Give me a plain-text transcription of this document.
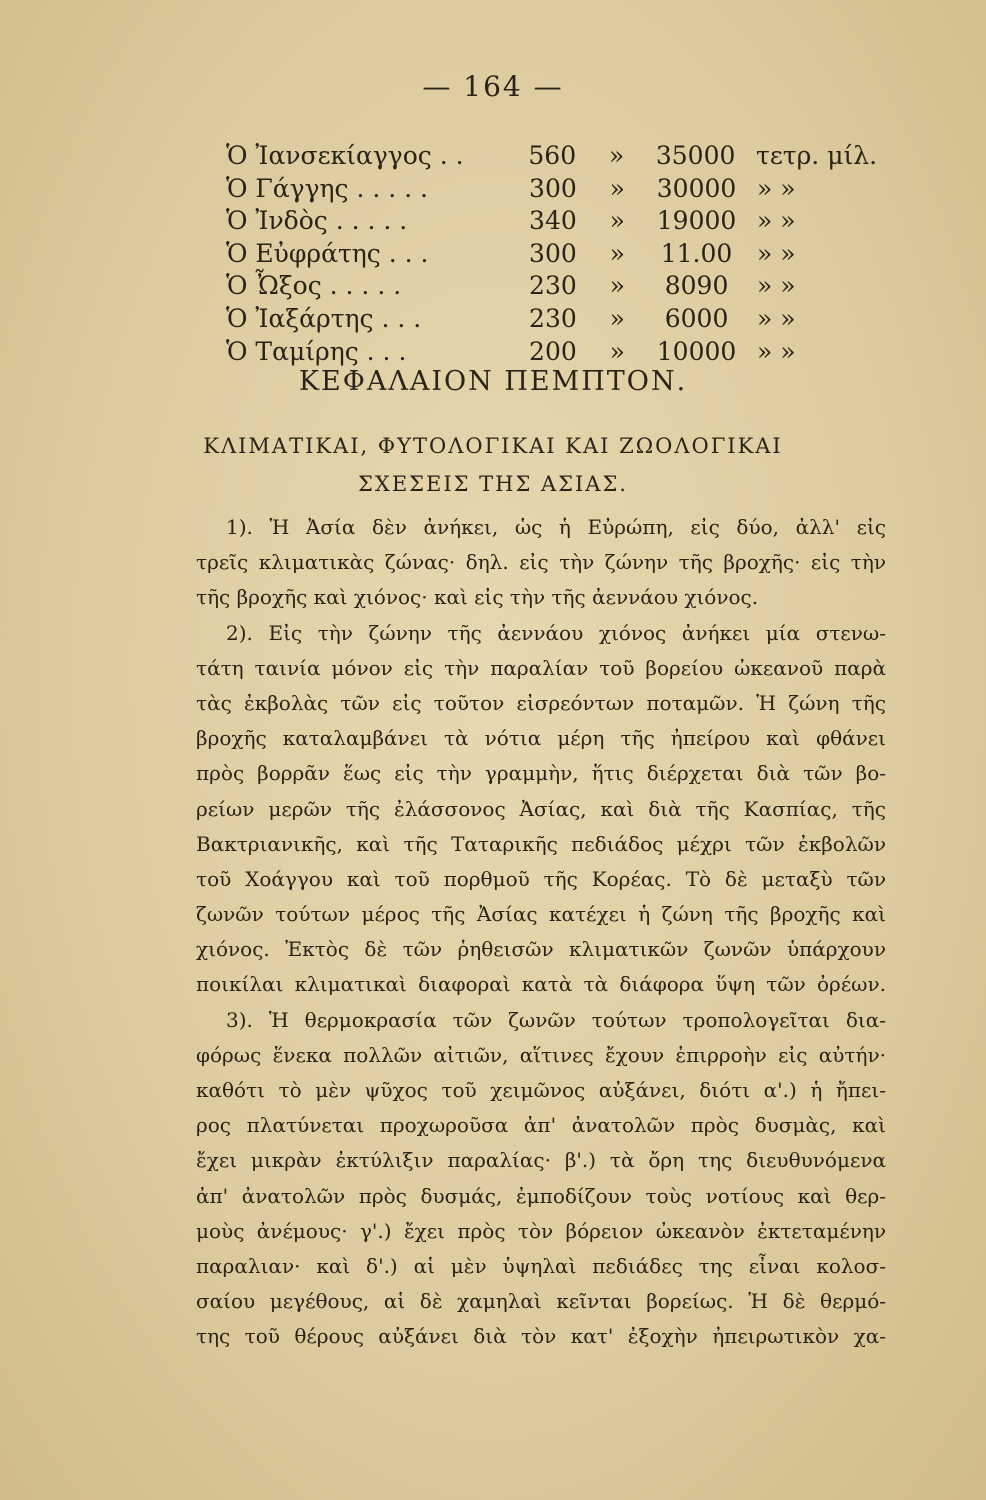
— 164 —
Ὁ Ἰανσεκίαγγος . .	560	»	35000 τετρ. μίλ.
Ὁ Γάγγης . . . . .	300	»	30000 » »
Ὁ Ἰνδὸς . . . . .	340	»	19000 » »
Ὁ Εὐφράτης . . .	300	»	11.00 » »
Ὁ Ὦξος . . . . .	230	»	8090	» »
Ὁ Ἰαξάρτης . . .	230	»	6000	» »
Ὁ Ταμίρης . . .	200	»	10000 » »
ΚΕΦΑΛΑΙΟΝ ΠΕΜΠΤΟΝ.
ΚΛΙΜΑΤΙΚΑΙ, ΦΥΤΟΛΟΓΙΚΑΙ ΚΑΙ ΖΩΟΛΟΓΙΚΑΙ
ΣΧΕΣΕΙΣ ΤΗΣ ΑΣΙΑΣ.
1). Ἡ Ἀσία δὲν ἀνήκει, ὡς ἡ Εὐρώπη, εἰς δύο, ἀλλ' εἰς
τρεῖς κλιματικὰς ζώνας· δηλ. εἰς τὴν ζώνην τῆς βροχῆς· εἰς τὴν
τῆς βροχῆς καὶ χιόνος· καὶ εἰς τὴν τῆς ἀεννάου χιόνος.
2). Εἰς τὴν ζώνην τῆς ἀεννάου χιόνος ἀνήκει μία στενω-
τάτη ταινία μόνον εἰς τὴν παραλίαν τοῦ βορείου ὠκεανοῦ παρὰ
τὰς ἐκβολὰς τῶν εἰς τοῦτον εἰσρεόντων ποταμῶν. Ἡ ζώνη τῆς
βροχῆς καταλαμβάνει τὰ νότια μέρη τῆς ἠπείρου καὶ φθάνει
πρὸς βορρᾶν ἕως εἰς τὴν γραμμὴν, ἥτις διέρχεται διὰ τῶν βο-
ρείων μερῶν τῆς ἐλάσσονος Ἀσίας, καὶ διὰ τῆς Κασπίας, τῆς
Βακτριανικῆς, καὶ τῆς Ταταρικῆς πεδιάδος μέχρι τῶν ἐκβολῶν
τοῦ Χοάγγου καὶ τοῦ πορθμοῦ τῆς Κορέας. Τὸ δὲ μεταξὺ τῶν
ζωνῶν τούτων μέρος τῆς Ἀσίας κατέχει ἡ ζώνη τῆς βροχῆς καὶ
χιόνος. Ἐκτὸς δὲ τῶν ῥηθεισῶν κλιματικῶν ζωνῶν ὑπάρχουν
ποικίλαι κλιματικαὶ διαφοραὶ κατὰ τὰ διάφορα ὕψη τῶν ὀρέων.
3). Ἡ θερμοκρασία τῶν ζωνῶν τούτων τροπολογεῖται δια-
φόρως ἕνεκα πολλῶν αἰτιῶν, αἵτινες ἔχουν ἐπιρροὴν εἰς αὐτήν·
καθότι τὸ μὲν ψῦχος τοῦ χειμῶνος αὐξάνει, διότι α'.) ἡ ἤπει-
ρος πλατύνεται προχωροῦσα ἀπ' ἀνατολῶν πρὸς δυσμὰς, καὶ
ἔχει μικρὰν ἐκτύλιξιν παραλίας· β'.) τὰ ὄρη της διευθυνόμενα
ἀπ' ἀνατολῶν πρὸς δυσμάς, ἐμποδίζουν τοὺς νοτίους καὶ θερ-
μοὺς ἀνέμους· γ'.) ἔχει πρὸς τὸν βόρειον ὠκεανὸν ἐκτεταμένην
παραλιαν· καὶ δ'.) αἱ μὲν ὑψηλαὶ πεδιάδες της εἶναι κολοσ-
σαίου μεγέθους, αἱ δὲ χαμηλαὶ κεῖνται βορείως. Ἡ δὲ θερμό-
της τοῦ θέρους αὐξάνει διὰ τὸν κατ' ἐξοχὴν ἠπειρωτικὸν χα-
